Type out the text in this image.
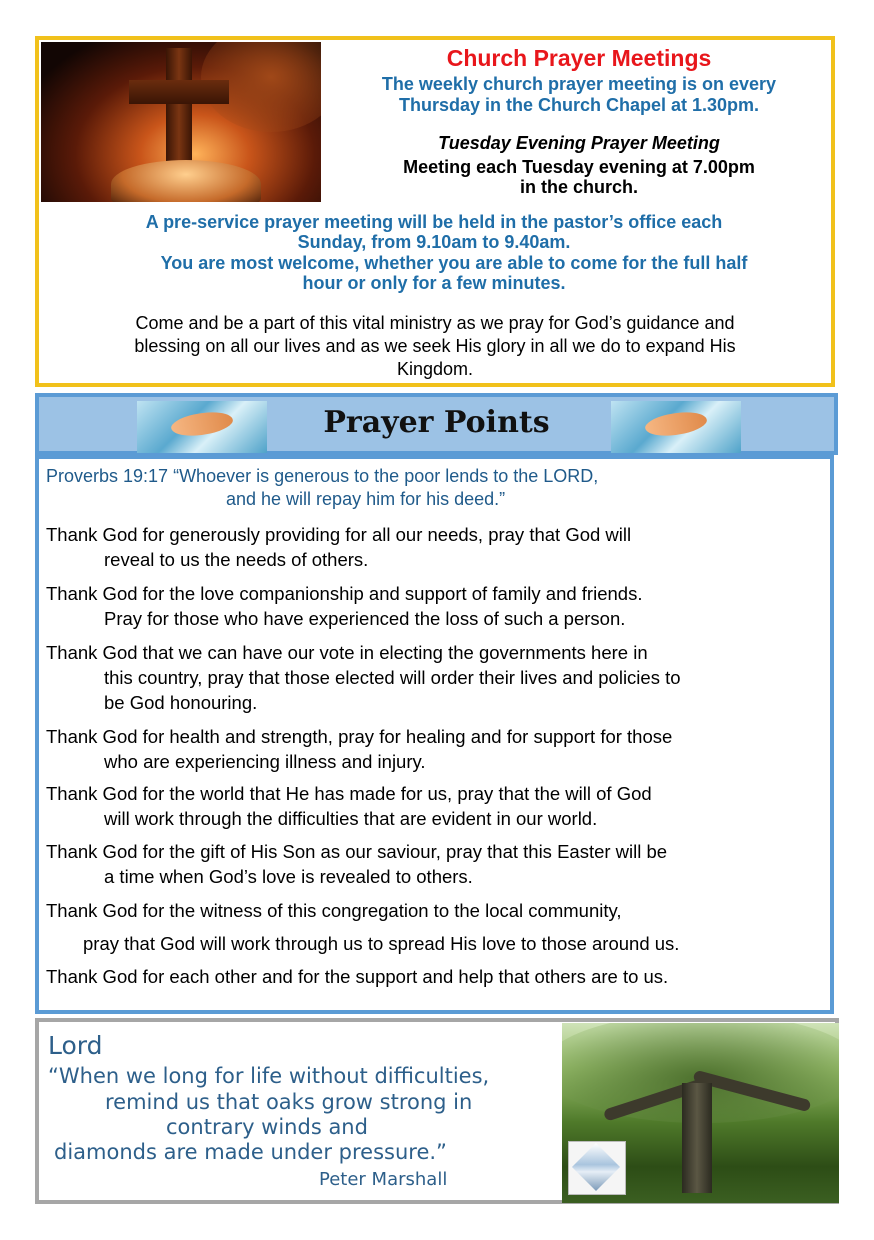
Church Prayer Meetings
The weekly church prayer meeting is on every
Thursday in the Church Chapel at 1.30pm.
Tuesday Evening Prayer Meeting
Meeting each Tuesday evening at 7.00pm
in the church.
A pre-service prayer meeting will be held in the pastor’s office each
Sunday, from 9.10am to 9.40am.
You are most welcome, whether you are able to come for the full half
hour or only for a few minutes.
Come and be a part of this vital ministry as we pray for God’s guidance and
blessing on all our lives and as we seek His glory in all we do to expand His
Kingdom.
Prayer Points
Proverbs 19:17 “Whoever is generous to the poor lends to the LORD,
and he will repay him for his deed.”
Thank God for generously providing for all our needs, pray that God will
reveal to us the needs of others.
Thank God for the love companionship and support of family and friends.
Pray for those who have experienced the loss of such a person.
Thank God that we can have our vote in electing the governments here in
this country, pray that those elected will order their lives and policies to
be God honouring.
Thank God for health and strength, pray for healing and for support for those
who are experiencing illness and injury.
Thank God for the world that He has made for us, pray that the will of God
will work through the difficulties that are evident in our world.
Thank God for the gift of His Son as our saviour, pray that this Easter will be
a time when God’s love is revealed to others.
Thank God for the witness of this congregation to the local community,
pray that God will work through us to spread His love to those around us.
Thank God for each other and for the support and help that others are to us.
Lord
“When we long for life without difficulties,
remind us that oaks grow strong in
contrary winds and
diamonds are made under pressure.”
Peter Marshall
